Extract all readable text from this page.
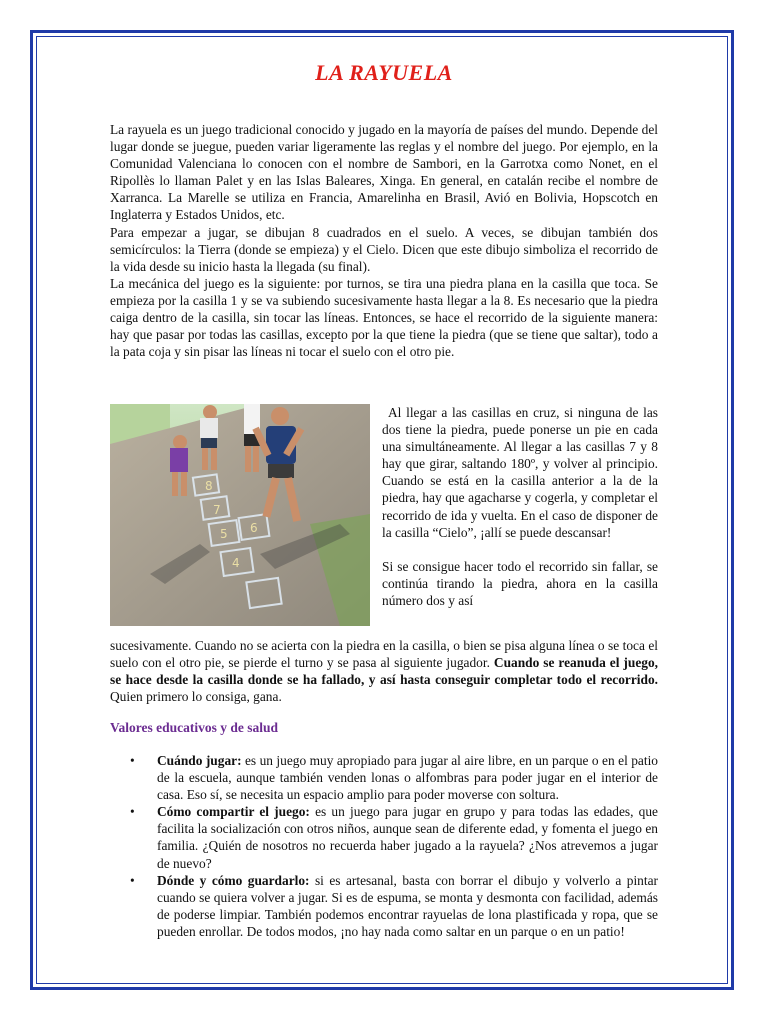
LA RAYUELA

La rayuela es un juego tradicional conocido y jugado en la mayoría de países del mundo. Depende del lugar donde se juegue, pueden variar ligeramente las reglas y el nombre del juego. Por ejemplo, en la Comunidad Valenciana lo conocen con el nombre de Sambori, en la Garrotxa como Nonet, en el Ripollès lo llaman Palet y en las Islas Baleares, Xinga. En general, en catalán recibe el nombre de Xarranca. La Marelle se utiliza en Francia, Amarelinha en Brasil, Avió en Bolivia, Hopscotch en Inglaterra y Estados Unidos, etc.

Para empezar a jugar, se dibujan 8 cuadrados en el suelo. A veces, se dibujan también dos semicírculos: la Tierra (donde se empieza) y el Cielo. Dicen que este dibujo simboliza el recorrido de la vida desde su inicio hasta la llegada (su final).

La mecánica del juego es la siguiente: por turnos, se tira una piedra plana en la casilla que toca. Se empieza por la casilla 1 y se va subiendo sucesivamente hasta llegar a la 8. Es necesario que la piedra caiga dentro de la casilla, sin tocar las líneas. Entonces, se hace el recorrido de la siguiente manera: hay que pasar por todas las casillas, excepto por la que tiene la piedra (que se tiene que saltar), todo a la pata coja y sin pisar las líneas ni tocar el suelo con el otro pie.

8
7
5 6
4

Al llegar a las casillas en cruz, si ninguna de las dos tiene la piedra, puede ponerse un pie en cada una simultáneamente. Al llegar a las casillas 7 y 8 hay que girar, saltando 180º, y volver al principio. Cuando se está en la casilla anterior a la de la piedra, hay que agacharse y cogerla, y completar el recorrido de ida y vuelta. En el caso de disponer de la casilla “Cielo”, ¡allí se puede descansar!

Si se consigue hacer todo el recorrido sin fallar, se continúa tirando la piedra, ahora en la casilla número dos y así

sucesivamente. Cuando no se acierta con la piedra en la casilla, o bien se pisa alguna línea o se toca el suelo con el otro pie, se pierde el turno y se pasa al siguiente jugador. Cuando se reanuda el juego, se hace desde la casilla donde se ha fallado, y así hasta conseguir completar todo el recorrido. Quien primero lo consiga, gana.

Valores educativos y de salud
• Cuándo jugar: es un juego muy apropiado para jugar al aire libre, en un parque o en el patio de la escuela, aunque también venden lonas o alfombras para poder jugar en el interior de casa. Eso sí, se necesita un espacio amplio para poder moverse con soltura.
• Cómo compartir el juego: es un juego para jugar en grupo y para todas las edades, que facilita la socialización con otros niños, aunque sean de diferente edad, y fomenta el juego en familia. ¿Quién de nosotros no recuerda haber jugado a la rayuela? ¿Nos atrevemos a jugar de nuevo?
• Dónde y cómo guardarlo: si es artesanal, basta con borrar el dibujo y volverlo a pintar cuando se quiera volver a jugar. Si es de espuma, se monta y desmonta con facilidad, además de poderse limpiar. También podemos encontrar rayuelas de lona plastificada y ropa, que se pueden enrollar. De todos modos, ¡no hay nada como saltar en un parque o en un patio!
